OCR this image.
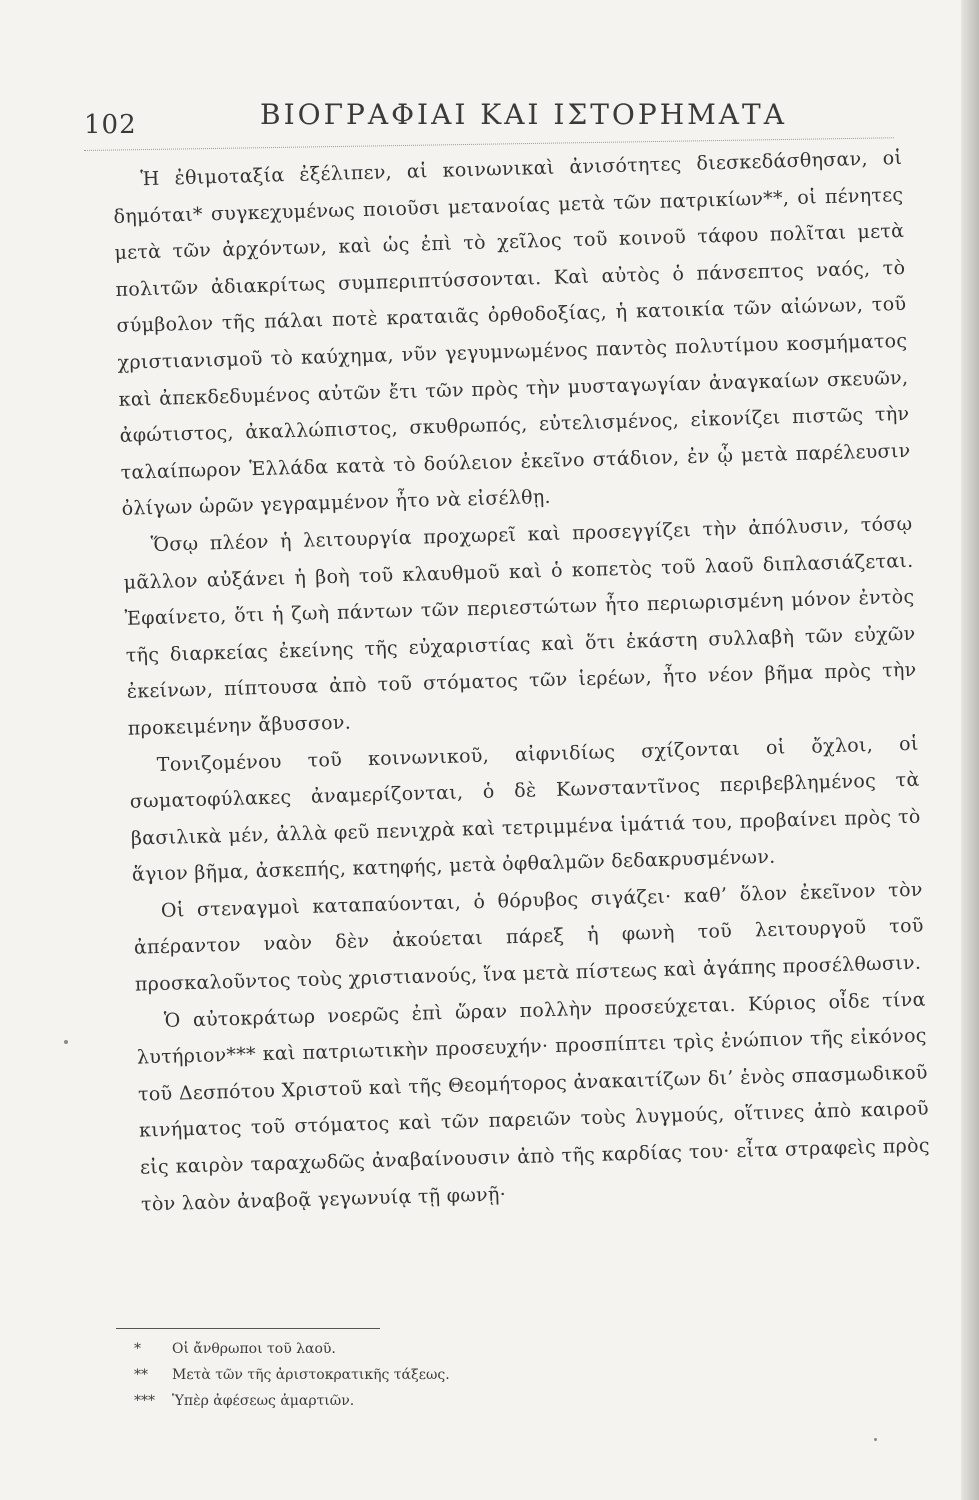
102	ΒΙΟΓΡΑΦΙΑΙ ΚΑΙ ΙΣΤΟΡΗΜΑΤΑ

Ἡ ἐθιμοταξία ἐξέλιπεν, αἱ κοινωνικαὶ ἀνισότητες διεσκεδάσθησαν, οἱ δημόται* συγκεχυμένως ποιοῦσι μετανοίας μετὰ τῶν πατρικίων**, οἱ πένητες μετὰ τῶν ἀρχόντων, καὶ ὡς ἐπὶ τὸ χεῖλος τοῦ κοινοῦ τάφου πολῖται μετὰ πολιτῶν ἀδιακρίτως συμπεριπτύσσονται. Καὶ αὐτὸς ὁ πάνσεπτος ναός, τὸ σύμβολον τῆς πάλαι ποτὲ κραταιᾶς ὀρθοδοξίας, ἡ κατοικία τῶν αἰώνων, τοῦ χριστιανισμοῦ τὸ καύχημα, νῦν γεγυμνωμένος παντὸς πολυτίμου κοσμήματος καὶ ἀπεκδεδυμένος αὐτῶν ἔτι τῶν πρὸς τὴν μυσταγωγίαν ἀναγκαίων σκευῶν, ἀφώτιστος, ἀκαλλώπιστος, σκυθρωπός, εὐτελισμένος, εἰκονίζει πιστῶς τὴν ταλαίπωρον Ἑλλάδα κατὰ τὸ δούλειον ἐκεῖνο στάδιον, ἐν ᾧ μετὰ παρέλευσιν ὀλίγων ὡρῶν γεγραμμένον ἦτο νὰ εἰσέλθῃ.

Ὅσῳ πλέον ἡ λειτουργία προχωρεῖ καὶ προσεγγίζει τὴν ἀπόλυσιν, τόσῳ μᾶλλον αὐξάνει ἡ βοὴ τοῦ κλαυθμοῦ καὶ ὁ κοπετὸς τοῦ λαοῦ διπλασιάζεται. Ἐφαίνετο, ὅτι ἡ ζωὴ πάντων τῶν περιεστώτων ἦτο περιωρισμένη μόνον ἐντὸς τῆς διαρκείας ἐκείνης τῆς εὐχαριστίας καὶ ὅτι ἑκάστη συλλαβὴ τῶν εὐχῶν ἐκείνων, πίπτουσα ἀπὸ τοῦ στόματος τῶν ἱερέων, ἦτο νέον βῆμα πρὸς τὴν προκειμένην ἄβυσσον.

Τονιζομένου τοῦ κοινωνικοῦ, αἰφνιδίως σχίζονται οἱ ὄχλοι, οἱ σωματοφύλακες ἀναμερίζονται, ὁ δὲ Κωνσταντῖνος περιβεβλημένος τὰ βασιλικὰ μέν, ἀλλὰ φεῦ πενιχρὰ καὶ τετριμμένα ἱμάτιά του, προβαίνει πρὸς τὸ ἅγιον βῆμα, ἀσκεπής, κατηφής, μετὰ ὀφθαλμῶν δεδακρυσμένων.

Οἱ στεναγμοὶ καταπαύονται, ὁ θόρυβος σιγάζει· καθ’ ὅλον ἐκεῖνον τὸν ἀπέραντον ναὸν δὲν ἀκούεται πάρεξ ἡ φωνὴ τοῦ λειτουργοῦ τοῦ προσκαλοῦντος τοὺς χριστιανούς, ἵνα μετὰ πίστεως καὶ ἀγάπης προσέλθωσιν.

Ὁ αὐτοκράτωρ νοερῶς ἐπὶ ὥραν πολλὴν προσεύχεται. Κύριος οἶδε τίνα λυτήριον*** καὶ πατριωτικὴν προσευχήν· προσπίπτει τρὶς ἐνώπιον τῆς εἰκόνος τοῦ Δεσπότου Χριστοῦ καὶ τῆς Θεομήτορος ἀνακαιτίζων δι’ ἑνὸς σπασμωδικοῦ κινήματος τοῦ στόματος καὶ τῶν παρειῶν τοὺς λυγμούς, οἵτινες ἀπὸ καιροῦ εἰς καιρὸν ταραχωδῶς ἀναβαίνουσιν ἀπὸ τῆς καρδίας του· εἶτα στραφεὶς πρὸς τὸν λαὸν ἀναβοᾷ γεγωνυίᾳ τῇ φωνῇ·

* Οἱ ἄνθρωποι τοῦ λαοῦ.

** Μετὰ τῶν τῆς ἀριστοκρατικῆς τάξεως.

*** Ὑπὲρ ἀφέσεως ἁμαρτιῶν.
